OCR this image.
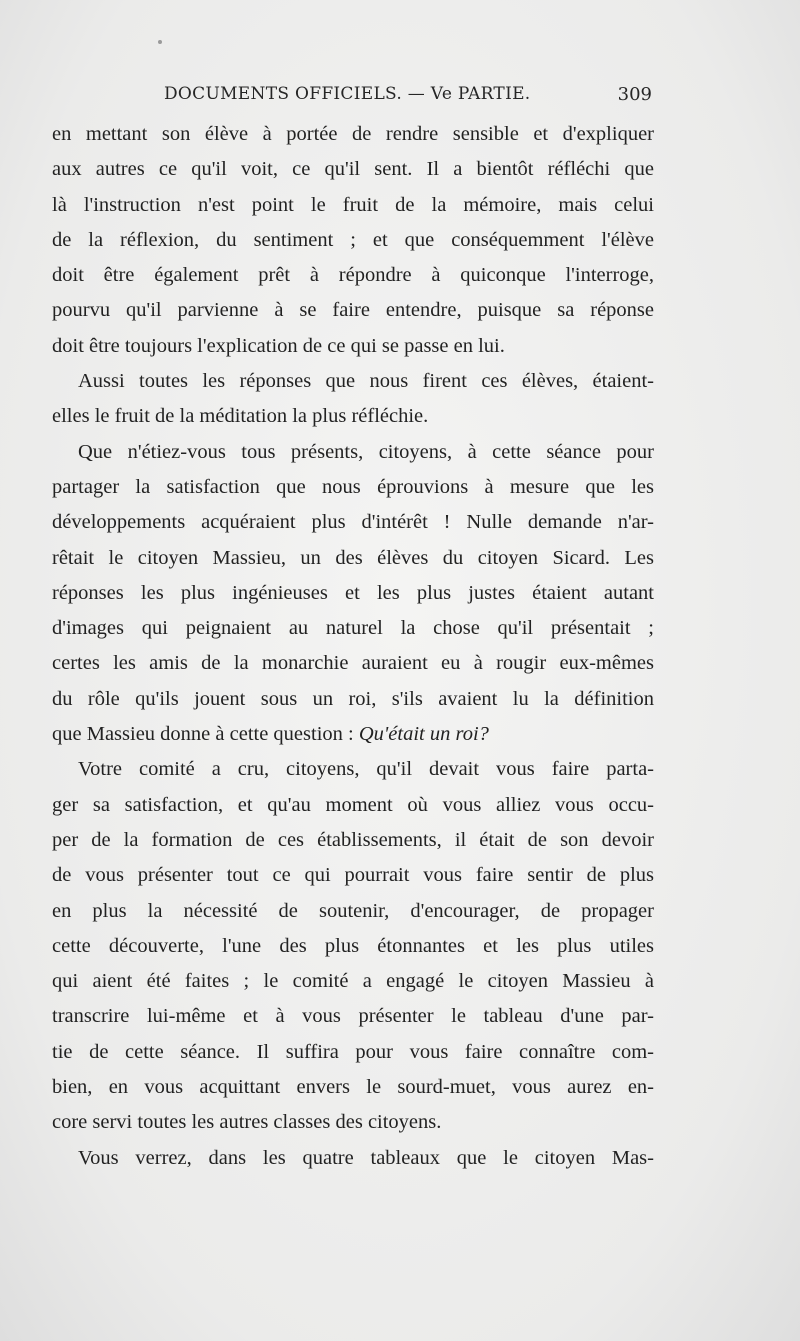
DOCUMENTS OFFICIELS. — Ve PARTIE.	309
en mettant son élève à portée de rendre sensible et d'expliquer
aux autres ce qu'il voit, ce qu'il sent. Il a bientôt réfléchi que
là l'instruction n'est point le fruit de la mémoire, mais celui
de la réflexion, du sentiment ; et que conséquemment l'élève
doit être également prêt à répondre à quiconque l'interroge,
pourvu qu'il parvienne à se faire entendre, puisque sa réponse
doit être toujours l'explication de ce qui se passe en lui.
Aussi toutes les réponses que nous firent ces élèves, étaient-
elles le fruit de la méditation la plus réfléchie.
Que n'étiez-vous tous présents, citoyens, à cette séance pour
partager la satisfaction que nous éprouvions à mesure que les
développements acquéraient plus d'intérêt ! Nulle demande n'ar-
rêtait le citoyen Massieu, un des élèves du citoyen Sicard. Les
réponses les plus ingénieuses et les plus justes étaient autant
d'images qui peignaient au naturel la chose qu'il présentait ;
certes les amis de la monarchie auraient eu à rougir eux-mêmes
du rôle qu'ils jouent sous un roi, s'ils avaient lu la définition
que Massieu donne à cette question : Qu'était un roi?
Votre comité a cru, citoyens, qu'il devait vous faire parta-
ger sa satisfaction, et qu'au moment où vous alliez vous occu-
per de la formation de ces établissements, il était de son devoir
de vous présenter tout ce qui pourrait vous faire sentir de plus
en plus la nécessité de soutenir, d'encourager, de propager
cette découverte, l'une des plus étonnantes et les plus utiles
qui aient été faites ; le comité a engagé le citoyen Massieu à
transcrire lui-même et à vous présenter le tableau d'une par-
tie de cette séance. Il suffira pour vous faire connaître com-
bien, en vous acquittant envers le sourd-muet, vous aurez en-
core servi toutes les autres classes des citoyens.
Vous verrez, dans les quatre tableaux que le citoyen Mas-
